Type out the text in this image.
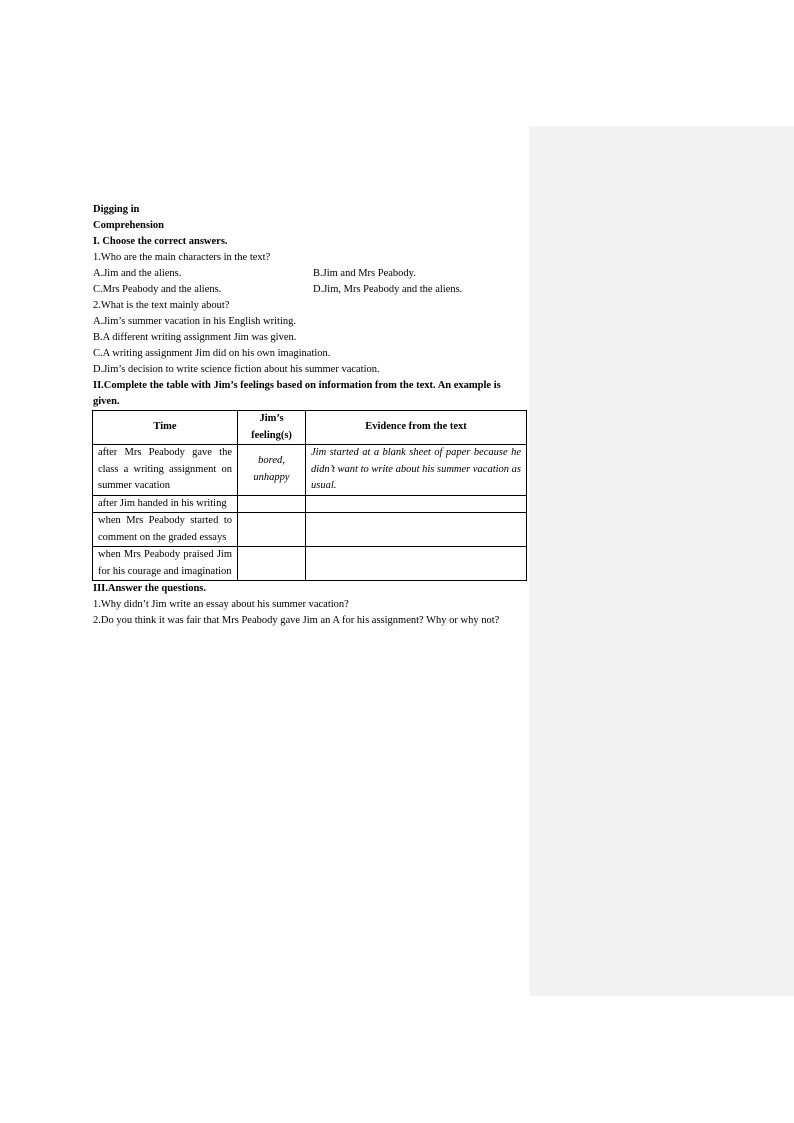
Digging in
Comprehension
I. Choose the correct answers.
1.Who are the main characters in the text?
A.Jim and the aliens.	B.Jim and Mrs Peabody.
C.Mrs Peabody and the aliens.	D.Jim, Mrs Peabody and the aliens.
2.What is the text mainly about?
A.Jim’s summer vacation in his English writing.
B.A different writing assignment Jim was given.
C.A writing assignment Jim did on his own imagination.
D.Jim’s decision to write science fiction about his summer vacation.
II.Complete the table with Jim’s feelings based on information from the text. An example is given.
Time	Jim’s feeling(s)	Evidence from the text
after Mrs Peabody gave the class a writing assignment on summer vacation	bored, unhappy	Jim started at a blank sheet of paper because he didn’t want to write about his summer vacation as usual.
after Jim handed in his writing		
when Mrs Peabody started to comment on the graded essays		
when Mrs Peabody praised Jim for his courage and imagination		
III.Answer the questions.
1.Why didn’t Jim write an essay about his summer vacation?
2.Do you think it was fair that Mrs Peabody gave Jim an A for his assignment? Why or why not?
